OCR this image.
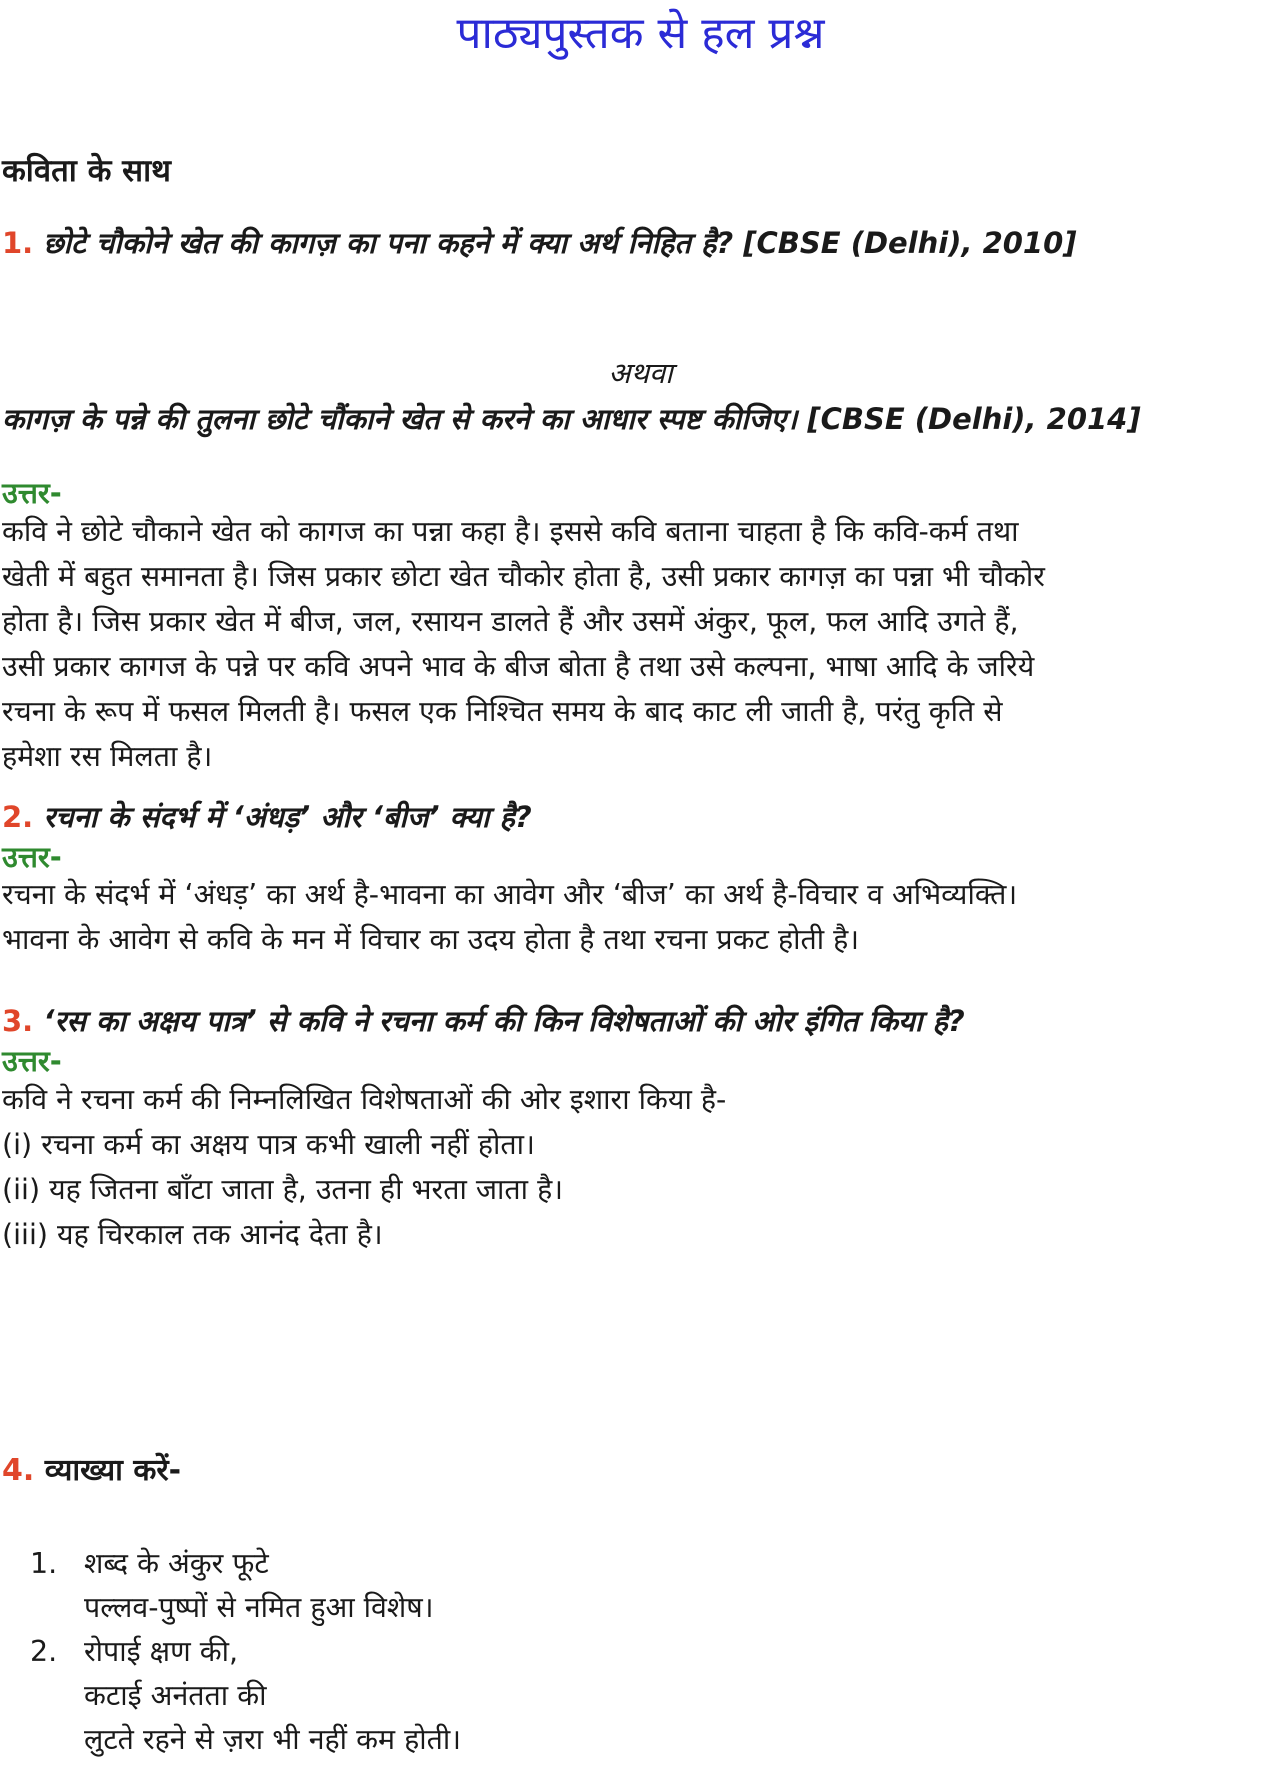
पाठ्यपुस्तक से हल प्रश्न
कविता के साथ
1. छोटे चौकोने खेत की कागज़ का पना कहने में क्या अर्थ निहित है? [CBSE (Delhi), 2010]
अथवा
कागज़ के पन्ने की तुलना छोटे चौंकाने खेत से करने का आधार स्पष्ट कीजिए। [CBSE (Delhi), 2014]
उत्तर-

कवि ने छोटे चौकाने खेत को कागज का पन्ना कहा है। इससे कवि बताना चाहता है कि कवि-कर्म तथा

खेती में बहुत समानता है। जिस प्रकार छोटा खेत चौकोर होता है, उसी प्रकार कागज़ का पन्ना भी चौकोर

होता है। जिस प्रकार खेत में बीज, जल, रसायन डालते हैं और उसमें अंकुर, फूल, फल आदि उगते हैं,

उसी प्रकार कागज के पन्ने पर कवि अपने भाव के बीज बोता है तथा उसे कल्पना, भाषा आदि के जरिये

रचना के रूप में फसल मिलती है। फसल एक निश्चित समय के बाद काट ली जाती है, परंतु कृति से

हमेशा रस मिलता है।

2. रचना के संदर्भ में ‘अंधड़’ और ‘बीज’ क्या है?
उत्तर-

रचना के संदर्भ में ‘अंधड़’ का अर्थ है-भावना का आवेग और ‘बीज’ का अर्थ है-विचार व अभिव्यक्ति।

भावना के आवेग से कवि के मन में विचार का उदय होता है तथा रचना प्रकट होती है।

3. ‘रस का अक्षय पात्र’ से कवि ने रचना कर्म की किन विशेषताओं की ओर इंगित किया है?
उत्तर-

कवि ने रचना कर्म की निम्नलिखित विशेषताओं की ओर इशारा किया है-

(i) रचना कर्म का अक्षय पात्र कभी खाली नहीं होता।

(ii) यह जितना बाँटा जाता है, उतना ही भरता जाता है।

(iii) यह चिरकाल तक आनंद देता है।

4. व्याख्या करें-
1. शब्द के अंकुर फूटे
पल्लव-पुष्पों से नमित हुआ विशेष।
2. रोपाई क्षण की,
कटाई अनंतता की
लुटते रहने से ज़रा भी नहीं कम होती।
